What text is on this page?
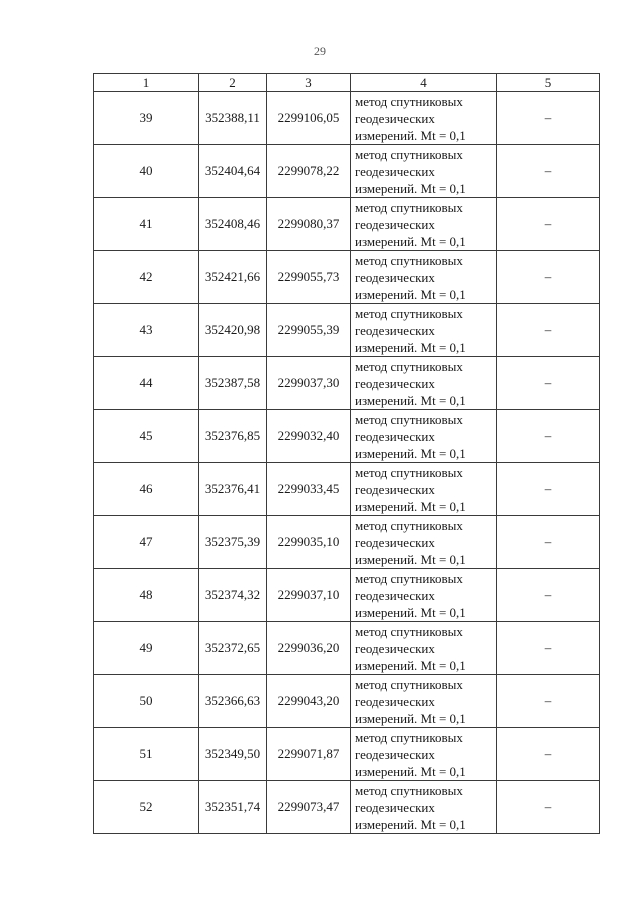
29
1	2	3	4	5
39	352388,11	2299106,05	метод спутниковых
геодезических
измерений. Mt = 0,1	–
40	352404,64	2299078,22	метод спутниковых
геодезических
измерений. Mt = 0,1	–
41	352408,46	2299080,37	метод спутниковых
геодезических
измерений. Mt = 0,1	–
42	352421,66	2299055,73	метод спутниковых
геодезических
измерений. Mt = 0,1	–
43	352420,98	2299055,39	метод спутниковых
геодезических
измерений. Mt = 0,1	–
44	352387,58	2299037,30	метод спутниковых
геодезических
измерений. Mt = 0,1	–
45	352376,85	2299032,40	метод спутниковых
геодезических
измерений. Mt = 0,1	–
46	352376,41	2299033,45	метод спутниковых
геодезических
измерений. Mt = 0,1	–
47	352375,39	2299035,10	метод спутниковых
геодезических
измерений. Mt = 0,1	–
48	352374,32	2299037,10	метод спутниковых
геодезических
измерений. Mt = 0,1	–
49	352372,65	2299036,20	метод спутниковых
геодезических
измерений. Mt = 0,1	–
50	352366,63	2299043,20	метод спутниковых
геодезических
измерений. Mt = 0,1	–
51	352349,50	2299071,87	метод спутниковых
геодезических
измерений. Mt = 0,1	–
52	352351,74	2299073,47	метод спутниковых
геодезических
измерений. Mt = 0,1	–
